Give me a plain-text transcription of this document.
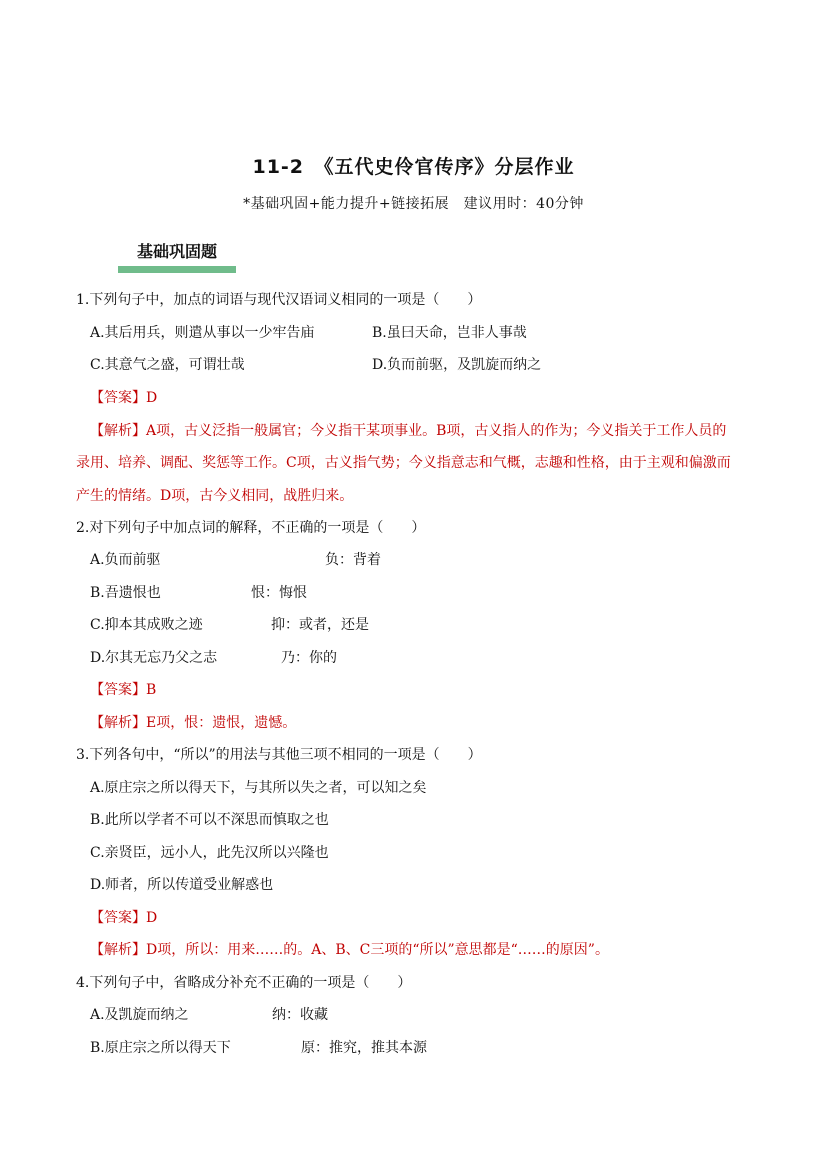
11-2　《五代史伶官传序》分层作业
*基础巩固+能力提升+链接拓展　建议用时：40分钟
基础巩固题
1.下列句子中，加点的词语与现代汉语词义相同的一项是（　　）
A.其后用兵，则遣从事以一少牢告庙	B.虽曰天命，岂非人事哉
C.其意气之盛，可谓壮哉	D.负而前驱，及凯旋而纳之
【答案】D
【解析】A项，古义泛指一般属官；今义指干某项事业。B项，古义指人的作为；今义指关于工作人员的
录用、培养、调配、奖惩等工作。C项，古义指气势；今义指意志和气概，志趣和性格，由于主观和偏激而
产生的情绪。D项，古今义相同，战胜归来。
2.对下列句子中加点词的解释，不正确的一项是（　　）
A.负而前驱	负：背着
B.吾遗恨也	恨：悔恨
C.抑本其成败之迹	抑：或者，还是
D.尔其无忘乃父之志	乃：你的
【答案】B
【解析】E项，恨：遗恨，遗憾。
3.下列各句中，“所以”的用法与其他三项不相同的一项是（　　）
A.原庄宗之所以得天下，与其所以失之者，可以知之矣
B.此所以学者不可以不深思而慎取之也
C.亲贤臣，远小人，此先汉所以兴隆也
D.师者，所以传道受业解惑也
【答案】D
【解析】D项，所以：用来……的。A、B、C三项的“所以”意思都是“……的原因”。
4.下列句子中，省略成分补充不正确的一项是（　　）
A.及凯旋而纳之	纳：收藏
B.原庄宗之所以得天下	原：推究，推其本源
